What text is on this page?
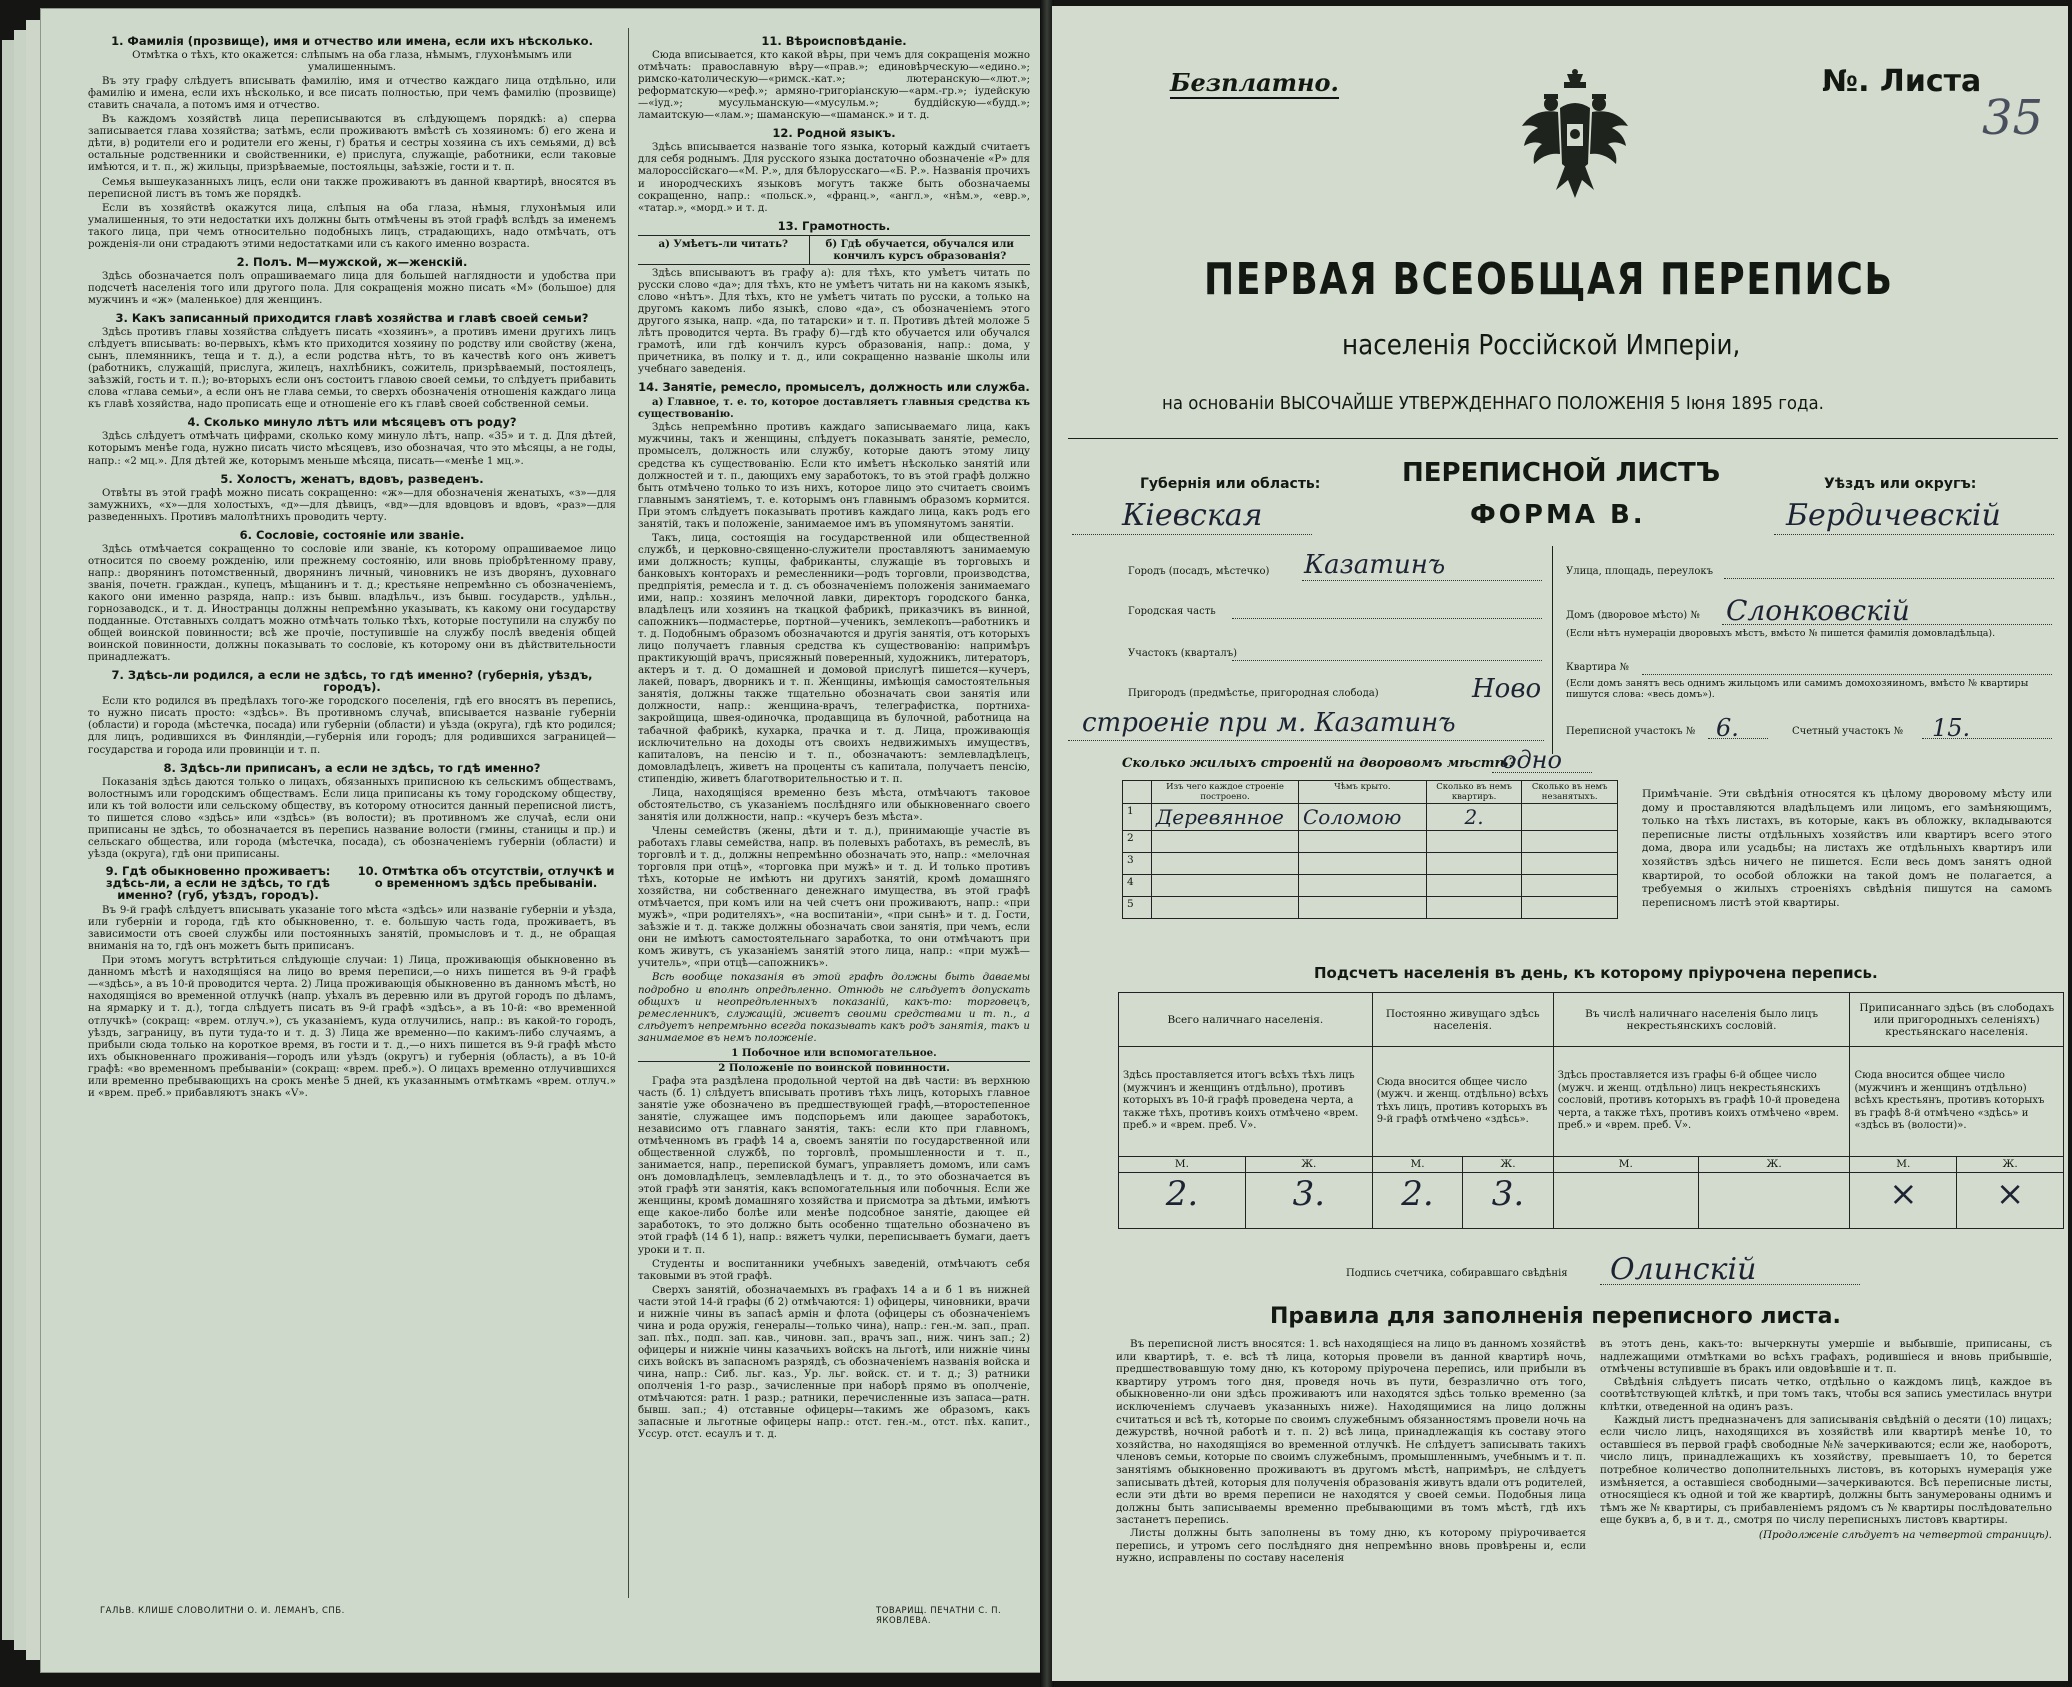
1. Фамилія (прозвище), имя и отчество или имена, если ихъ нѣсколько.

Отмѣтка о тѣхъ, кто окажется: слѣпымъ на оба глаза, нѣмымъ, глухонѣмымъ или умалишеннымъ.

Въ эту графу слѣдуетъ вписывать фамилію, имя и отчество каждаго лица отдѣльно, или фамилію и имена, если ихъ нѣсколько, и все писать полностью, при чемъ фамилію (прозвище) ставить сначала, а потомъ имя и отчество.

Въ каждомъ хозяйствѣ лица переписываются въ слѣдующемъ порядкѣ: а) сперва записывается глава хозяйства; затѣмъ, если проживаютъ вмѣстѣ съ хозяиномъ: б) его жена и дѣти, в) родители его и родители его жены, г) братья и сестры хозяина съ ихъ семьями, д) всѣ остальные родственники и свойственники, е) прислуга, служащіе, работники, если таковые имѣются, и т. п., ж) жильцы, призрѣваемые, постояльцы, заѣзжіе, гости и т. п.

Семья вышеуказанныхъ лицъ, если они также проживаютъ въ данной квартирѣ, вносятся въ переписной листъ въ томъ же порядкѣ.

Если въ хозяйствѣ окажутся лица, слѣпыя на оба глаза, нѣмыя, глухонѣмыя или умалишенныя, то эти недостатки ихъ должны быть отмѣчены въ этой графѣ вслѣдъ за именемъ такого лица, при чемъ относительно подобныхъ лицъ, страдающихъ, надо отмѣчать, отъ рожденія-ли они страдаютъ этими недостатками или съ какого именно возраста.

2. Полъ. М—мужской, ж—женскій.

Здѣсь обозначается полъ опрашиваемаго лица для большей наглядности и удобства при подсчетѣ населенія того или другого пола. Для сокращенія можно писать «М» (большое) для мужчинъ и «ж» (маленькое) для женщинъ.

3. Какъ записанный приходится главѣ хозяйства и главѣ своей семьи?

Здѣсь противъ главы хозяйства слѣдуетъ писать «хозяинъ», а противъ имени другихъ лицъ слѣдуетъ вписывать: во-первыхъ, кѣмъ кто приходится хозяину по родству или свойству (жена, сынъ, племянникъ, теща и т. д.), а если родства нѣтъ, то въ качествѣ кого онъ живетъ (работникъ, служащій, прислуга, жилецъ, нахлѣбникъ, сожитель, призрѣваемый, постоялецъ, заѣзжій, гость и т. п.); во-вторыхъ если онъ состоитъ главою своей семьи, то слѣдуетъ прибавить слова «глава семьи», а если онъ не глава семьи, то сверхъ обозначенія отношенія каждаго лица къ главѣ хозяйства, надо прописать еще и отношеніе его къ главѣ своей собственной семьи.

4. Сколько минуло лѣтъ или мѣсяцевъ отъ роду?

Здѣсь слѣдуетъ отмѣчать цифрами, сколько кому минуло лѣтъ, напр. «35» и т. д. Для дѣтей, которымъ менѣе года, нужно писать чисто мѣсяцевъ, изо обозначая, что это мѣсяцы, а не годы, напр.: «2 мц.». Для дѣтей же, которымъ меньше мѣсяца, писать—«менѣе 1 мц.».

5. Холостъ, женатъ, вдовъ, разведенъ.

Отвѣты въ этой графѣ можно писать сокращенно: «ж»—для обозначенія женатыхъ, «з»—для замужнихъ, «х»—для холостыхъ, «д»—для дѣвицъ, «вд»—для вдовцовъ и вдовъ, «раз»—для разведенныхъ. Противъ малолѣтнихъ проводить черту.

6. Сословіе, состояніе или званіе.

Здѣсь отмѣчается сокращенно то сословіе или званіе, къ которому опрашиваемое лицо относится по своему рожденію, или прежнему состоянію, или вновь пріобрѣтенному праву, напр.: дворянинъ потомственный, дворянинъ личный, чиновникъ не изъ дворянъ, духовнаго званія, почетн. граждан., купецъ, мѣщанинъ и т. д.; крестьяне непремѣнно съ обозначеніемъ, какого они именно разряда, напр.: изъ бывш. владѣльч., изъ бывш. государств., удѣльн., горнозаводск., и т. д. Иностранцы должны непремѣнно указывать, къ какому они государству подданные. Отставныхъ солдатъ можно отмѣчать только тѣхъ, которые поступили на службу по общей воинской повинности; всѣ же прочіе, поступившіе на службу послѣ введенія общей воинской повинности, должны показывать то сословіе, къ которому они въ дѣйствительности принадлежатъ.

7. Здѣсь-ли родился, а если не здѣсь, то гдѣ именно? (губернія, уѣздъ, городъ).

Если кто родился въ предѣлахъ того-же городского поселенія, гдѣ его вносятъ въ перепись, то нужно писать просто: «здѣсь». Въ противномъ случаѣ, вписывается названіе губерніи (области) и города (мѣстечка, посада) или губерніи (области) и уѣзда (округа), гдѣ кто родился; для лицъ, родившихся въ Финляндіи,—губернія или городъ; для родившихся заграницей—государства и города или провинціи и т. п.

8. Здѣсь-ли приписанъ, а если не здѣсь, то гдѣ именно?

Показанія здѣсь даются только о лицахъ, обязанныхъ приписною къ сельскимъ обществамъ, волостнымъ или городскимъ обществамъ. Если лица приписаны къ тому городскому обществу, или къ той волости или сельскому обществу, въ которому относится данный переписной листъ, то пишется слово «здѣсь» или «здѣсь» (въ волости); въ противномъ же случаѣ, если они приписаны не здѣсь, то обозначается въ перепись название волости (гмины, станицы и пр.) и сельскаго общества, или города (мѣстечка, посада), съ обозначеніемъ губерніи (области) и уѣзда (округа), гдѣ они приписаны.

9. Гдѣ обыкновенно проживаетъ: здѣсь-ли, а если не здѣсь, то гдѣ именно? (губ, уѣздъ, городъ).
10. Отмѣтка объ отсутствіи, отлучкѣ и о временномъ здѣсь пребываніи.

Въ 9-й графѣ слѣдуетъ вписывать указаніе того мѣста «здѣсь» или названіе губерніи и уѣзда, или губерніи и города, гдѣ кто обыкновенно, т. е. большую часть года, проживаетъ, въ зависимости отъ своей службы или постоянныхъ занятій, промысловъ и т. д., не обращая вниманія на то, гдѣ онъ можетъ быть приписанъ.

При этомъ могутъ встрѣтиться слѣдующіе случаи: 1) Лица, проживающія обыкновенно въ данномъ мѣстѣ и находящіяся на лицо во время переписи,—о нихъ пишется въ 9-й графѣ—«здѣсь», а въ 10-й проводится черта. 2) Лица проживающія обыкновенно въ данномъ мѣстѣ, но находящіяся во временной отлучкѣ (напр. уѣхалъ въ деревню или въ другой городъ по дѣламъ, на ярмарку и т. д.), тогда слѣдуетъ писать въ 9-й графѣ «здѣсь», а въ 10-й: «во временной отлучкѣ» (сокращ: «врем. отлуч.»), съ указаніемъ, куда отлучились, напр.: въ какой-то городъ, уѣздъ, заграницу, въ пути туда-то и т. д. 3) Лица же временно—по какимъ-либо случаямъ, а прибыли сюда только на короткое время, въ гости и т. д.,—о нихъ пишется въ 9-й графѣ мѣсто ихъ обыкновеннаго проживанія—городъ или уѣздъ (округъ) и губернія (область), а въ 10-й графѣ: «во временномъ пребываніи» (сокращ: «врем. преб.»). О лицахъ временно отлучившихся или временно пребывающихъ на срокъ менѣе 5 дней, къ указаннымъ отмѣткамъ «врем. отлуч.» и «врем. преб.» прибавляютъ знакъ «V».

11. Вѣроисповѣданіе.

Сюда вписывается, кто какой вѣры, при чемъ для сокращенія можно отмѣчать: православную вѣру—«прав.»; единовѣрческую—«едино.»; римско-католическую—«римск.-кат.»; лютеранскую—«лют.»; реформатскую—«реф.»; армяно-григоріанскую—«арм.-гр.»; іудейскую—«іуд.»; мусульманскую—«мусульм.»; буддійскую—«будд.»; ламаитскую—«лам.»; шаманскую—«шаманск.» и т. д.

12. Родной языкъ.

Здѣсь вписывается названіе того языка, который каждый считаетъ для себя роднымъ. Для русского языка достаточно обозначеніе «Р» для малороссійскаго—«М. Р.», для бѣлорусскаго—«Б. Р.». Названія прочихъ и инородческихъ языковъ могутъ также быть обозначаемы сокращенно, напр.: «польск.», «франц.», «англ.», «нѣм.», «евр.», «татар.», «морд.» и т. д.

13. Грамотность.
а) Умѣетъ-ли читать?	б) Гдѣ обучается, обучался или кончилъ курсъ образованія?

Здѣсь вписываютъ въ графу а): для тѣхъ, кто умѣетъ читать по русски слово «да»; для тѣхъ, кто не умѣетъ читать ни на какомъ языкѣ, слово «нѣтъ». Для тѣхъ, кто не умѣетъ читать по русски, а только на другомъ какомъ либо языкѣ, слово «да», съ обозначеніемъ этого другого языка, напр. «да, по татарски» и т. п. Противъ дѣтей моложе 5 лѣтъ проводится черта. Въ графу б)—гдѣ кто обучается или обучался грамотѣ, или гдѣ кончилъ курсъ образованія, напр.: дома, у причетника, въ полку и т. д., или сокращенно названіе школы или учебнаго заведенія.

14. Занятіе, ремесло, промыселъ, должность или служба.

а) Главное, т. е. то, которое доставляетъ главныя средства къ существованію.

Здѣсь непремѣнно противъ каждаго записываемаго лица, какъ мужчины, такъ и женщины, слѣдуетъ показывать занятіе, ремесло, промыселъ, должность или службу, которые даютъ этому лицу средства къ существованію. Если кто имѣетъ нѣсколько занятій или должностей и т. п., дающихъ ему заработокъ, то въ этой графѣ должно быть отмѣчено только то изъ нихъ, которое лицо это считаетъ своимъ главнымъ занятіемъ, т. е. которымъ онъ главнымъ образомъ кормится. При этомъ слѣдуетъ показывать противъ каждаго лица, какъ родъ его занятій, такъ и положеніе, занимаемое имъ въ упомянутомъ занятіи.

Такъ, лица, состоящія на государственной или общественной службѣ, и церковно-священно-служители проставляютъ занимаемую ими должность; купцы, фабриканты, служащіе въ торговыхъ и банковыхъ конторахъ и ремесленники—родъ торговли, производства, предпріятія, ремесла и т. д. съ обозначеніемъ положенія занимаемаго ими, напр.: хозяинъ мелочной лавки, директоръ городского банка, владѣлецъ или хозяинъ на ткацкой фабрикѣ, приказчикъ въ винной, сапожникъ—подмастерье, портной—ученикъ, землекопъ—работникъ и т. д. Подобнымъ образомъ обозначаются и другія занятія, отъ которыхъ лицо получаетъ главныя средства къ существованію: напримѣръ практикующій врачъ, присяжный поверенный, художникъ, литераторъ, актеръ и т. д. О домашней и домовой прислугѣ пишется—кучеръ, лакей, поваръ, дворникъ и т. п. Женщины, имѣющія самостоятельныя занятія, должны также тщательно обозначать свои занятія или должности, напр.: женщина-врачъ, телеграфистка, портниха-закройщица, швея-одиночка, продавщица въ булочной, работница на табачной фабрикѣ, кухарка, прачка и т. д. Лица, проживающія исключительно на доходы отъ своихъ недвижимыхъ имуществъ, капиталовъ, на пенсію и т. п., обозначаютъ: землевладѣлецъ, домовладѣлецъ, живетъ на проценты съ капитала, получаетъ пенсію, стипендію, живетъ благотворительностью и т. п.

Лица, находящіяся временно безъ мѣста, отмѣчаютъ таковое обстоятельство, съ указаніемъ послѣдняго или обыкновеннаго своего занятія или должности, напр.: «кучеръ безъ мѣста».

Члены семействъ (жены, дѣти и т. д.), принимающіе участіе въ работахъ главы семейства, напр. въ полевыхъ работахъ, въ ремеслѣ, въ торговлѣ и т. д., должны непремѣнно обозначать это, напр.: «мелочная торговля при отцѣ», «торговка при мужѣ» и т. д. И только противъ тѣхъ, которые не имѣютъ ни другихъ занятій, кромѣ домашняго хозяйства, ни собственнаго денежнаго имущества, въ этой графѣ отмѣчается, при комъ или на чей счетъ они проживаютъ, напр.: «при мужѣ», «при родителяхъ», «на воспитаніи», «при сынѣ» и т. д. Гости, заѣзжіе и т. д. также должны обозначать свои занятія, при чемъ, если они не имѣютъ самостоятельнаго заработка, то они отмѣчаютъ при комъ живутъ, съ указаніемъ занятій этого лица, напр.: «при мужѣ—учитель», «при отцѣ—сапожникъ».

Всѣ вообще показанія въ этой графѣ должны быть даваемы подробно и вполнѣ опредѣленно. Отнюдь не слѣдуетъ допускать общихъ и неопредѣленныхъ показаній, какъ-то: торговецъ, ремесленникъ, служащій, живетъ своими средствами и т. п., а слѣдуетъ непремѣнно всегда показывать какъ родъ занятія, такъ и занимаемое въ немъ положеніе.

1 Побочное или вспомогательное.

2 Положеніе по воинской повинности.

Графа эта раздѣлена продольной чертой на двѣ части: въ верхнюю часть (б. 1) слѣдуетъ вписывать противъ тѣхъ лицъ, которыхъ главное занятіе уже обозначено въ предшествующей графѣ,—второстепенное занятіе, служащее имъ подспорьемъ или дающее заработокъ, независимо отъ главнаго занятія, такъ: если кто при главномъ, отмѣченномъ въ графѣ 14 а, своемъ занятіи по государственной или общественной службѣ, по торговлѣ, промышленности и т. п., занимается, напр., перепиской бумагъ, управляетъ домомъ, или самъ онъ домовладѣлецъ, землевладѣлецъ и т. д., то это обозначается въ этой графѣ эти занятія, какъ вспомогательныя или побочныя. Если же женщины, кромѣ домашняго хозяйства и присмотра за дѣтьми, имѣютъ еще какое-либо болѣе или менѣе подсобное занятіе, дающее ей заработокъ, то это должно быть особенно тщательно обозначено въ этой графѣ (14 б 1), напр.: вяжетъ чулки, переписываетъ бумаги, даетъ уроки и т. п.

Студенты и воспитанники учебныхъ заведеній, отмѣчаютъ себя таковыми въ этой графѣ.

Сверхъ занятій, обозначаемыхъ въ графахъ 14 а и б 1 въ нижней части этой 14-й графы (б 2) отмѣчаются: 1) офицеры, чиновники, врачи и нижніе чины въ запасѣ армін и флота (офицеры съ обозначеніемъ чина и рода оружія, генералы—только чина), напр.: ген.-м. зап., прап. зап. пѣх., подп. зап. кав., чиновн. зап., врачъ зап., ниж. чинъ зап.; 2) офицеры и нижніе чины казачьихъ войскъ на льготѣ, или нижніе чины сихъ войскъ въ запасномъ разрядѣ, съ обозначеніемъ названія войска и чина, напр.: Сиб. льг. каз., Ур. льг. войск. ст. и т. д.; 3) ратники ополченія 1-го разр., зачисленные при наборѣ прямо въ ополченіе, отмѣчаются: ратн. 1 разр.; ратники, перечисленные изъ запаса—ратн. бывш. зап.; 4) отставные офицеры—такимъ же образомъ, какъ запасные и льготные офицеры напр.: отст. ген.-м., отст. пѣх. капит., Уссур. отст. есаулъ и т. д.

ГАЛЬВ. КЛИШЕ СЛОВОЛИТНИ О. И. ЛЕМАНЪ, СПБ.	ТОВАРИЩ. ПЕЧАТНИ С. П. ЯКОВЛЕВА.
Безплатно.	№. Листа
35
ПЕРВАЯ ВСЕОБЩАЯ ПЕРЕПИСЬ
населенія Россійской Имперіи,
на основаніи ВЫСОЧАЙШЕ УТВЕРЖДЕННАГО ПОЛОЖЕНІЯ 5 Іюня 1895 года.
Губернія или область:
Кіевская
ПЕРЕПИСНОЙ ЛИСТЪ
ФОРМА В.
Уѣздъ или округъ:
Бердичевскій
Городъ (посадъ, мѣстечко) Казатинъ
Городская часть
Участокъ (кварталъ)
Пригородъ (предмѣстье, пригородная слобода)	Ново
строеніе при м. Казатинъ
Улица, площадь, переулокъ
Домъ (дворовое мѣсто) № Слонковскій
(Если нѣтъ нумераціи дворовыхъ мѣстъ, вмѣсто № пишется фамилія домовладѣльца).
Квартира №
(Если домъ занятъ весь однимъ жильцомъ или самимъ домохозяиномъ, вмѣсто № квартиры пишутся слова: «весь домъ»).
Переписной участокъ № 6.	Счетный участокъ № 15.
Сколько жилыхъ строеній на дворовомъ мѣстѣ?
одно
	Изъ чего каждое строеніе построено.	Чѣмъ крыто.	Сколько въ немъ квартиръ.	Сколько въ немъ незанятыхъ.
1	Деревянное	Соломою	2.	
2				
3				
4				
5				
Примѣчаніе. Эти свѣдѣнія относятся къ цѣлому дворовому мѣсту или дому и проставляются владѣльцемъ или лицомъ, его замѣняющимъ, только на тѣхъ листахъ, въ которые, какъ въ обложку, вкладываются переписные листы отдѣльныхъ хозяйствъ или квартиръ всего этого дома, двора или усадьбы; на листахъ же отдѣльныхъ квартиръ или хозяйствъ здѣсь ничего не пишется. Если весь домъ занятъ одной квартирой, то особой обложки на такой домъ не полагается, а требуемыя о жилыхъ строеніяхъ свѣдѣнія пишутся на самомъ переписномъ листѣ этой квартиры.
Подсчетъ населенія въ день, къ которому пріурочена перепись.
Всего наличнаго населенія.		Постоянно живущаго здѣсь населенія.		Въ числѣ наличнаго населенія было лицъ некрестьянскихъ сословій.		Приписаннаго здѣсь (въ слободахъ или пригородныхъ селеніяхъ) крестьянскаго населенія.	
Здѣсь проставляется итогъ всѣхъ тѣхъ лицъ (мужчинъ и женщинъ отдѣльно), противъ которыхъ въ 10-й графѣ проведена черта, а также тѣхъ, противъ коихъ отмѣчено «врем. преб.» и «врем. преб. V».		Сюда вносится общее число (мужч. и женщ. отдѣльно) всѣхъ тѣхъ лицъ, противъ которыхъ въ 9-й графѣ отмѣчено «здѣсь».		Здѣсь проставляется изъ графы 6-й общее число (мужч. и женщ. отдѣльно) лицъ некрестьянскихъ сословій, противъ которыхъ въ графѣ 10-й проведена черта, а также тѣхъ, противъ коихъ отмѣчено «врем. преб.» и «врем. преб. V».		Сюда вносится общее число (мужчинъ и женщинъ отдѣльно) всѣхъ крестьянъ, противъ которыхъ въ графѣ 8-й отмѣчено «здѣсь» и «здѣсь въ (волости)».	
М.	Ж.	М.	Ж.	М.	Ж.	М.	Ж.
2.	3.	2.	3.			×	×
Подпись счетчика, собиравшаго свѣдѣнія Олинскій
Правила для заполненія переписного листа.

Въ переписной листъ вносятся: 1. всѣ находящіеся на лицо въ данномъ хозяйствѣ или квартирѣ, т. е. всѣ тѣ лица, которыя провели въ данной квартирѣ ночь, предшествовавшую тому дню, къ которому пріурочена перепись, или прибыли въ квартиру утромъ того дня, проведя ночь въ пути, безразлично отъ того, обыкновенно-ли они здѣсь проживаютъ или находятся здѣсь только временно (за исключеніемъ случаевъ указанныхъ ниже). Находящимися на лицо должны считаться и всѣ тѣ, которые по своимъ служебнымъ обязанностямъ провели ночь на дежурствѣ, ночной работѣ и т. п. 2) всѣ лица, принадлежащія къ составу этого хозяйства, но находящіяся во временной отлучкѣ. Не слѣдуетъ записывать такихъ членовъ семьи, которые по своимъ служебнымъ, промышленнымъ, учебнымъ и т. п. занятіямъ обыкновенно проживаютъ въ другомъ мѣстѣ, напримѣръ, не слѣдуетъ записывать дѣтей, которыя для полученія образованія живутъ вдали отъ родителей, если эти дѣти во время переписи не находятся у своей семьи. Подобныя лица должны быть записываемы временно пребывающими въ томъ мѣстѣ, гдѣ ихъ застанетъ перепись.

Листы должны быть заполнены въ тому дню, къ которому пріурочивается перепись, и утромъ сего послѣдняго дня непремѣнно вновь провѣрены и, если нужно, исправлены по составу населенія

въ этотъ день, какъ-то: вычеркнуты умершіе и выбывшіе, приписаны, съ надлежащими отмѣтками во всѣхъ графахъ, родившіеся и вновь прибывшіе, отмѣчены вступившіе въ бракъ или овдовѣвшіе и т. п.

Свѣдѣнія слѣдуетъ писать четко, отдѣльно о каждомъ лицѣ, каждое въ соотвѣтствующей клѣткѣ, и при томъ такъ, чтобы вся запись уместилась внутри клѣтки, отведенной на одинъ разъ.

Каждый листъ предназначенъ для записыванія свѣдѣній о десяти (10) лицахъ; если число лицъ, находящихся въ хозяйствѣ или квартирѣ менѣе 10, то оставшіеся въ первой графѣ свободные №№ зачеркиваются; если же, наоборотъ, число лицъ, принадлежащихъ къ хозяйству, превышаетъ 10, то берется потребное количество дополнительныхъ листовъ, въ которыхъ нумерація уже измѣняется, а оставшіеся свободными—зачеркиваются. Всѣ переписные листы, относящіеся къ одной и той же квартирѣ, должны быть занумерованы однимъ и тѣмъ же № квартиры, съ прибавленіемъ рядомъ съ № квартиры послѣдовательно еще буквъ а, б, в и т. д., смотря по числу переписныхъ листовъ квартиры.

(Продолженіе слѣдуетъ на четвертой страницѣ).
